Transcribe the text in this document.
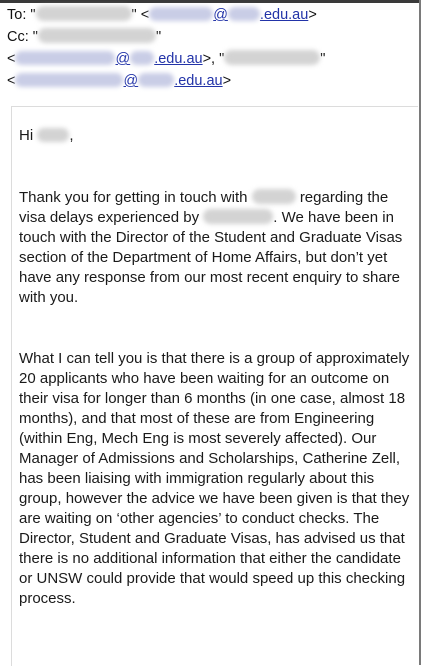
To: "	" <	@ .edu.au>
Cc: "	"
<	@ .edu.au>, "	"
<	@ .edu.au>
Hi ,

Thank you for getting in touch with	regarding the visa delays experienced by	. We have been in touch with the Director of the Student and Graduate Visas section of the Department of Home Affairs, but don’t yet have any response from our most recent enquiry to share with you.

What I can tell you is that there is a group of approximately 20 applicants who have been waiting for an outcome on their visa for longer than 6 months (in one case, almost 18 months), and that most of these are from Engineering (within Eng, Mech Eng is most severely affected). Our Manager of Admissions and Scholarships, Catherine Zell, has been liaising with immigration regularly about this group, however the advice we have been given is that they are waiting on ‘other agencies’ to conduct checks. The Director, Student and Graduate Visas, has advised us that there is no additional information that either the candidate or UNSW could provide that would speed up this checking process.
